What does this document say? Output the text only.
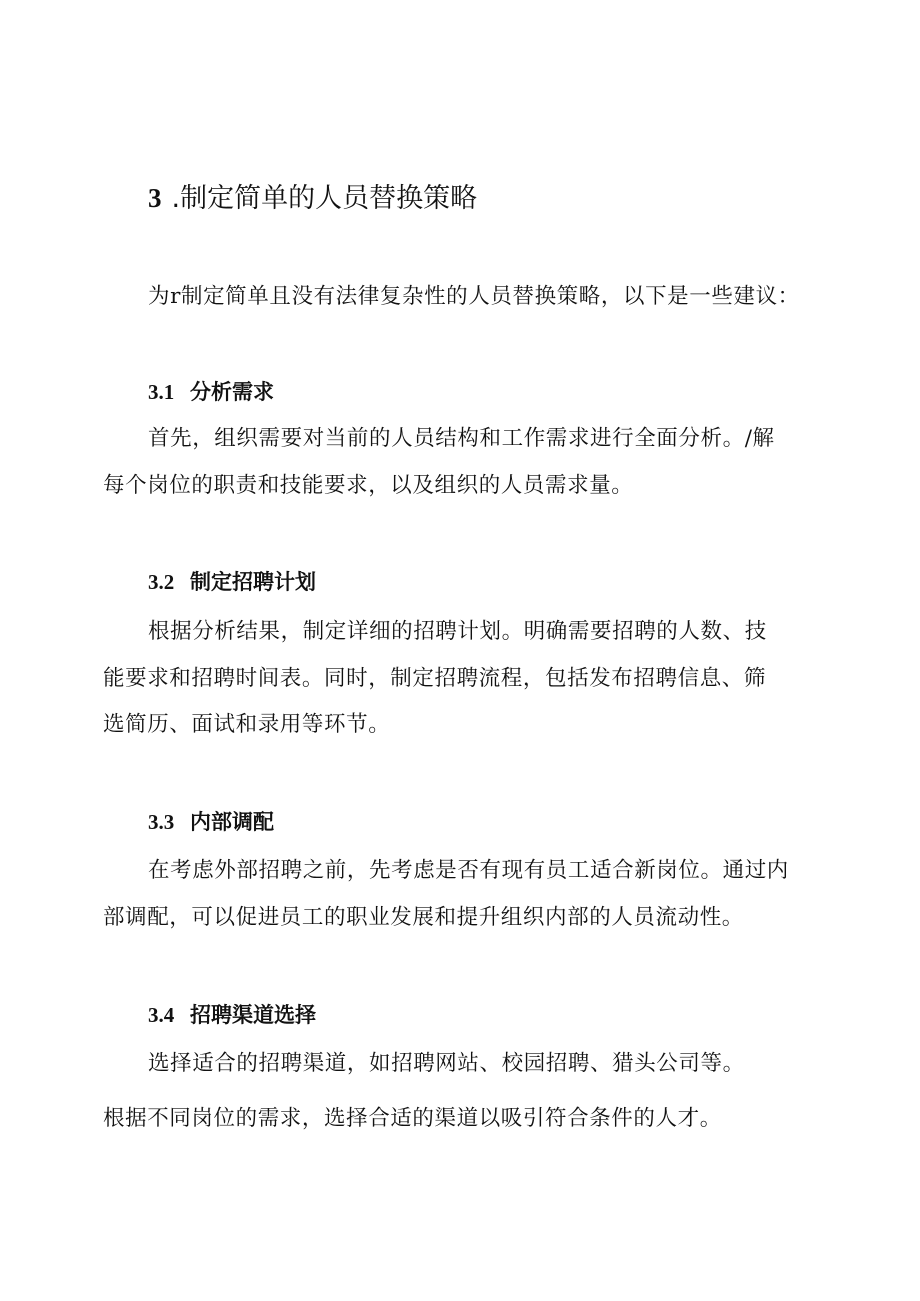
3 .制定简单的人员替换策略

为r制定简单且没有法律复杂性的人员替换策略，以下是一些建议：

3.1 分析需求

首先，组织需要对当前的人员结构和工作需求进行全面分析。/解

每个岗位的职责和技能要求，以及组织的人员需求量。

3.2 制定招聘计划

根据分析结果，制定详细的招聘计划。明确需要招聘的人数、技

能要求和招聘时间表。同时，制定招聘流程，包括发布招聘信息、筛

选简历、面试和录用等环节。

3.3 内部调配

在考虑外部招聘之前，先考虑是否有现有员工适合新岗位。通过内

部调配，可以促进员工的职业发展和提升组织内部的人员流动性。

3.4 招聘渠道选择

选择适合的招聘渠道，如招聘网站、校园招聘、猎头公司等。

根据不同岗位的需求，选择合适的渠道以吸引符合条件的人才。
